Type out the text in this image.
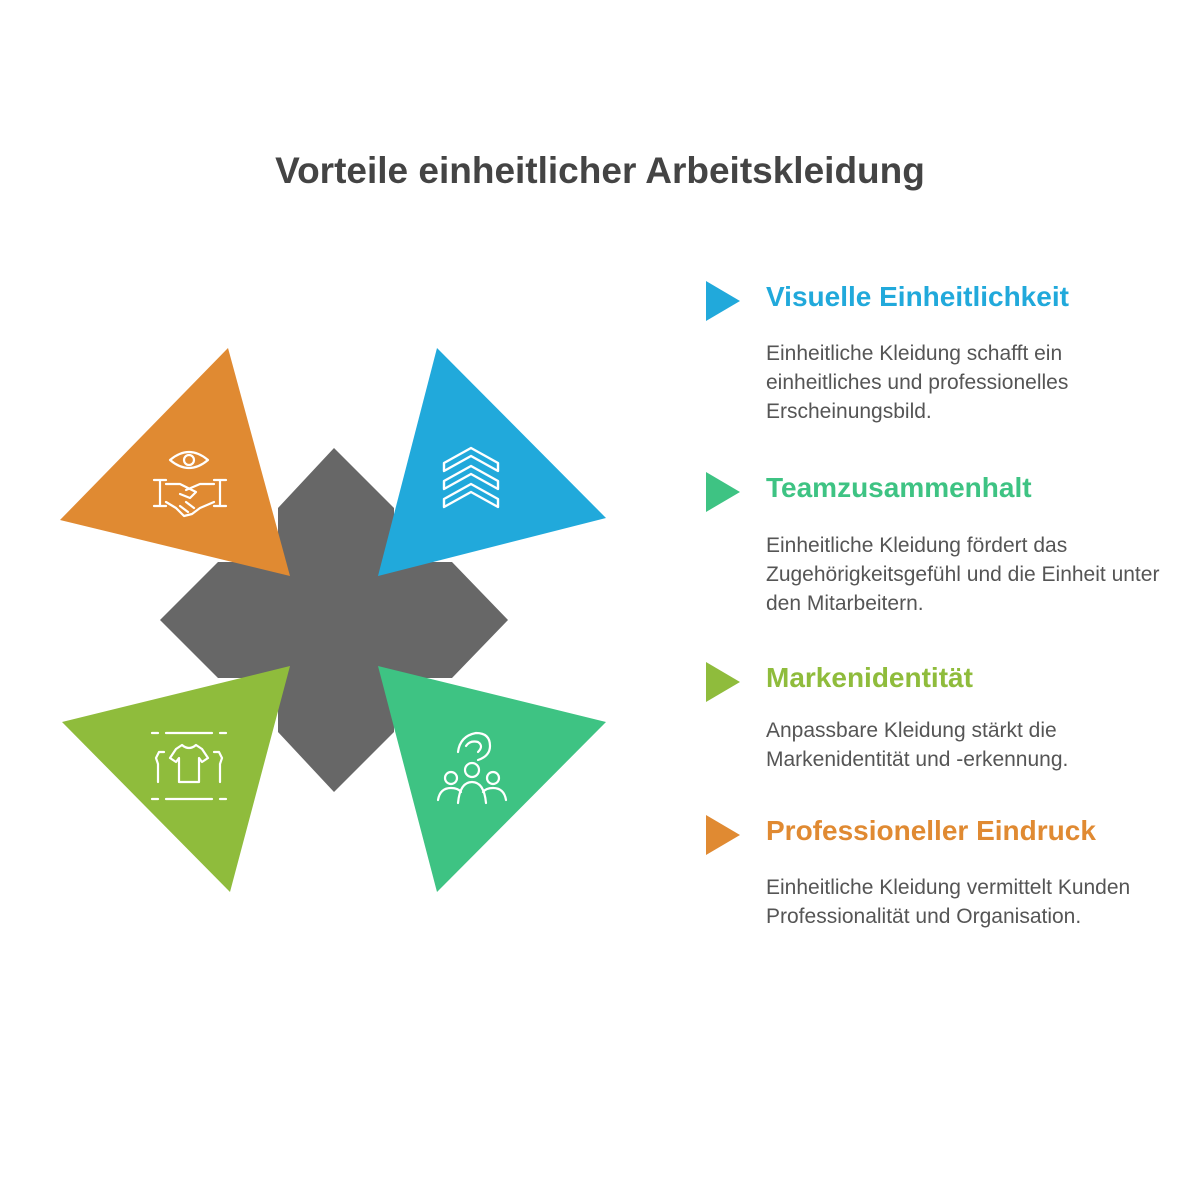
Vorteile einheitlicher Arbeitskleidung
Visuelle Einheitlichkeit

Einheitliche Kleidung schafft ein einheitliches und professionelles Erscheinungsbild.

Teamzusammenhalt

Einheitliche Kleidung fördert das Zugehörigkeitsgefühl und die Einheit unter den Mitarbeitern.

Markenidentität

Anpassbare Kleidung stärkt die Markenidentität und -erkennung.

Professioneller Eindruck

Einheitliche Kleidung vermittelt Kunden Professionalität und Organisation.
